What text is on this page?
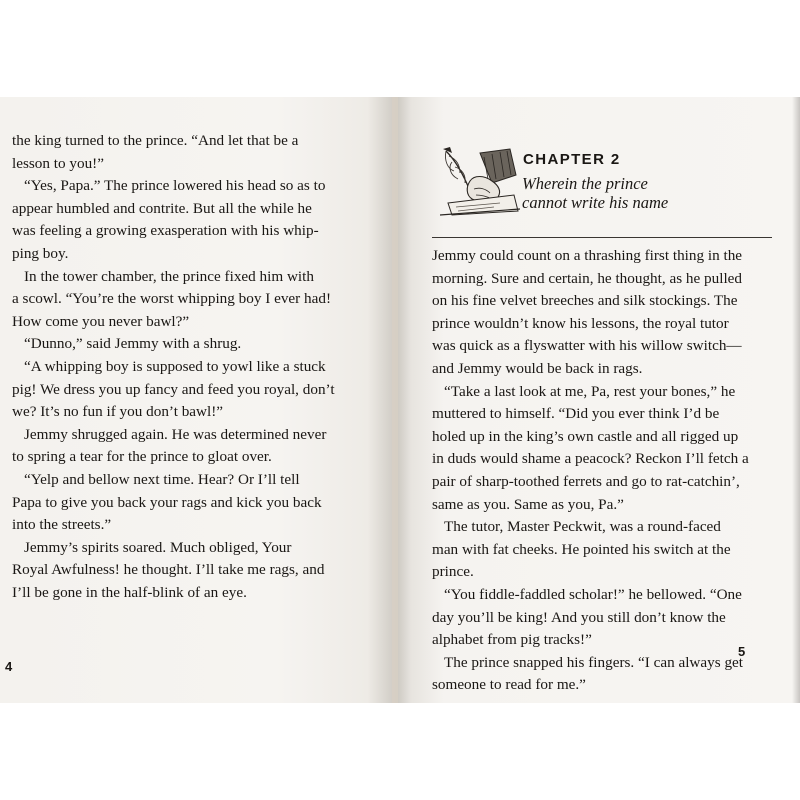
the king turned to the prince. “And let that be a

lesson to you!”

“Yes, Papa.” The prince lowered his head so as to

appear humbled and contrite. But all the while he

was feeling a growing exasperation with his whip-

ping boy.

In the tower chamber, the prince fixed him with

a scowl. “You’re the worst whipping boy I ever had!

How come you never bawl?”

“Dunno,” said Jemmy with a shrug.

“A whipping boy is supposed to yowl like a stuck

pig! We dress you up fancy and feed you royal, don’t

we? It’s no fun if you don’t bawl!”

Jemmy shrugged again. He was determined never

to spring a tear for the prince to gloat over.

“Yelp and bellow next time. Hear? Or I’ll tell

Papa to give you back your rags and kick you back

into the streets.”

Jemmy’s spirits soared. Much obliged, Your

Royal Awfulness! he thought. I’ll take me rags, and

I’ll be gone in the half-blink of an eye.

4
CHAPTER 2
Wherein the prince
cannot write his name

Jemmy could count on a thrashing first thing in the

morning. Sure and certain, he thought, as he pulled

on his fine velvet breeches and silk stockings. The

prince wouldn’t know his lessons, the royal tutor

was quick as a flyswatter with his willow switch—

and Jemmy would be back in rags.

“Take a last look at me, Pa, rest your bones,” he

muttered to himself. “Did you ever think I’d be

holed up in the king’s own castle and all rigged up

in duds would shame a peacock? Reckon I’ll fetch a

pair of sharp-toothed ferrets and go to rat-catchin’,

same as you. Same as you, Pa.”

The tutor, Master Peckwit, was a round-faced

man with fat cheeks. He pointed his switch at the

prince.

“You fiddle-faddled scholar!” he bellowed. “One

day you’ll be king! And you still don’t know the

alphabet from pig tracks!”

The prince snapped his fingers. “I can always get

someone to read for me.”

5
